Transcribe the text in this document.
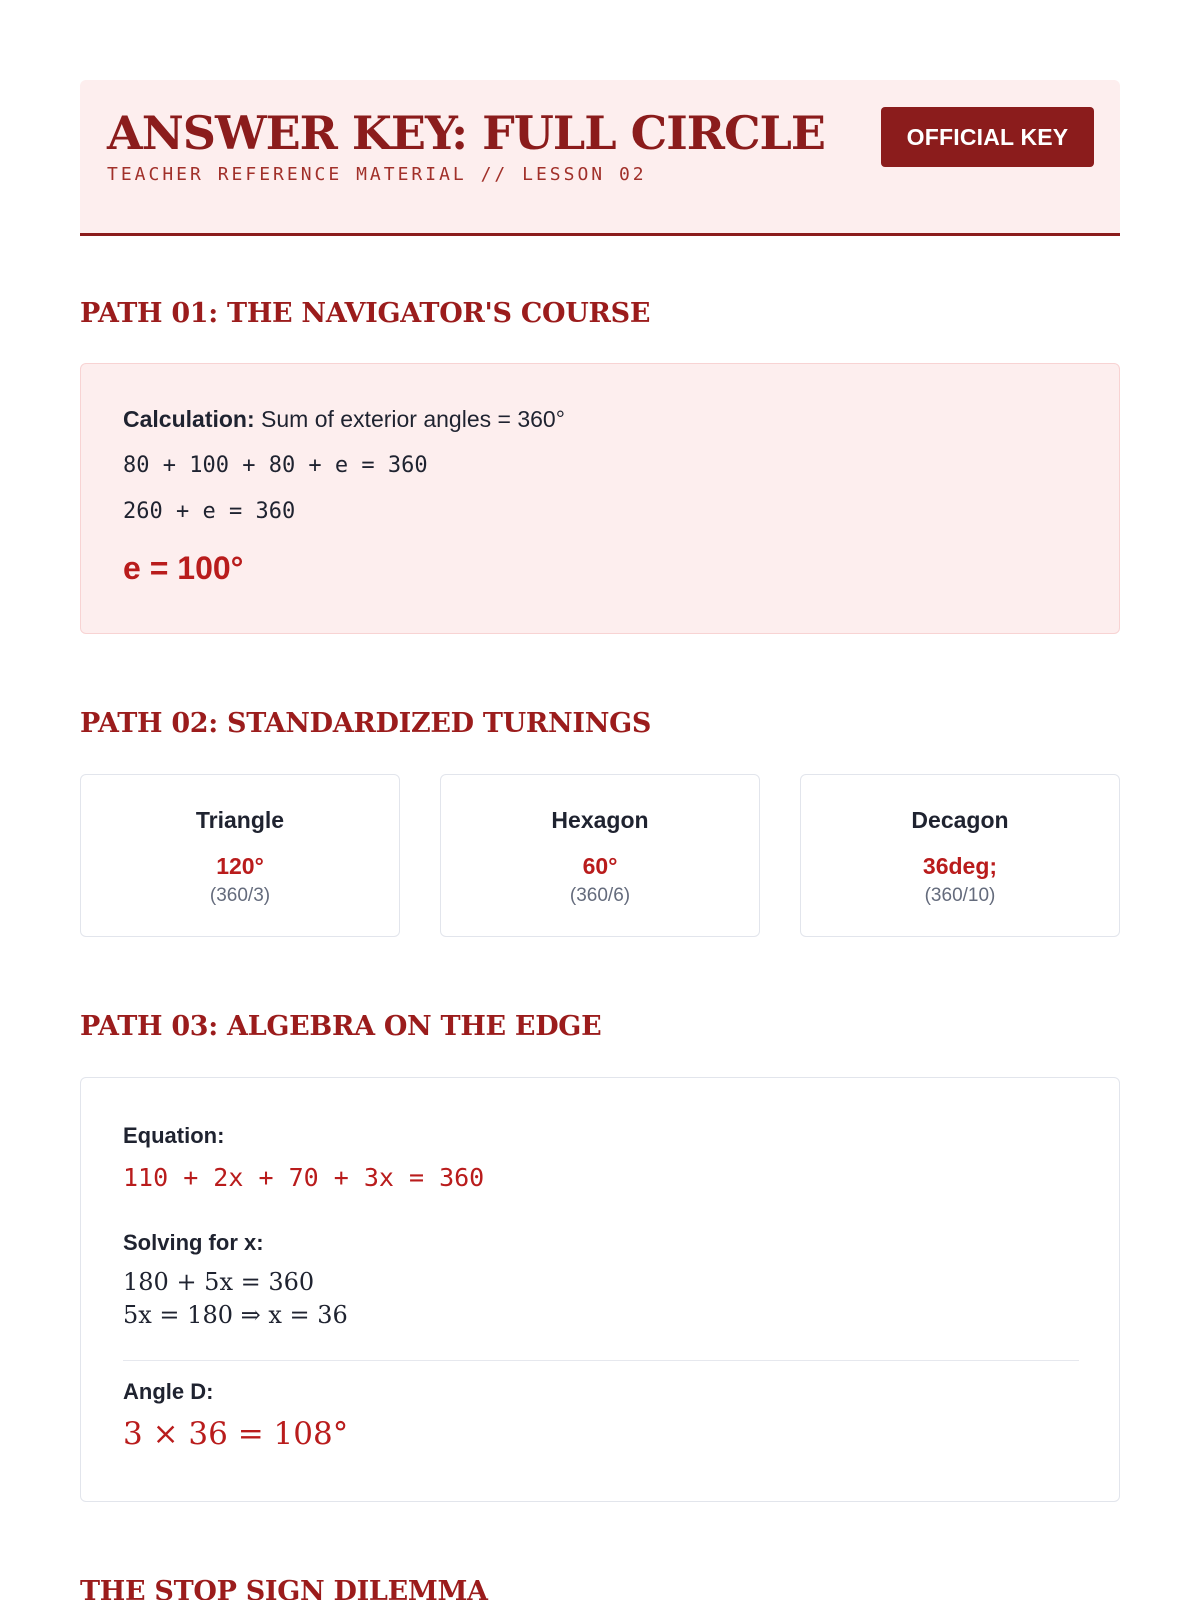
ANSWER KEY: FULL CIRCLE
TEACHER REFERENCE MATERIAL // LESSON 02
OFFICIAL KEY
PATH 01: THE NAVIGATOR'S COURSE
Calculation: Sum of exterior angles = 360°
80 + 100 + 80 + e = 360
260 + e = 360
e = 100°
PATH 02: STANDARDIZED TURNINGS
Triangle
120°
(360/3)
Hexagon
60°
(360/6)
Decagon
36deg;
(360/10)
PATH 03: ALGEBRA ON THE EDGE
Equation:
110 + 2x + 70 + 3x = 360
Solving for x:
180 + 5x = 360
5x = 180 ⇒ x = 36
Angle D:
3 × 36 = 108°
THE STOP SIGN DILEMMA
